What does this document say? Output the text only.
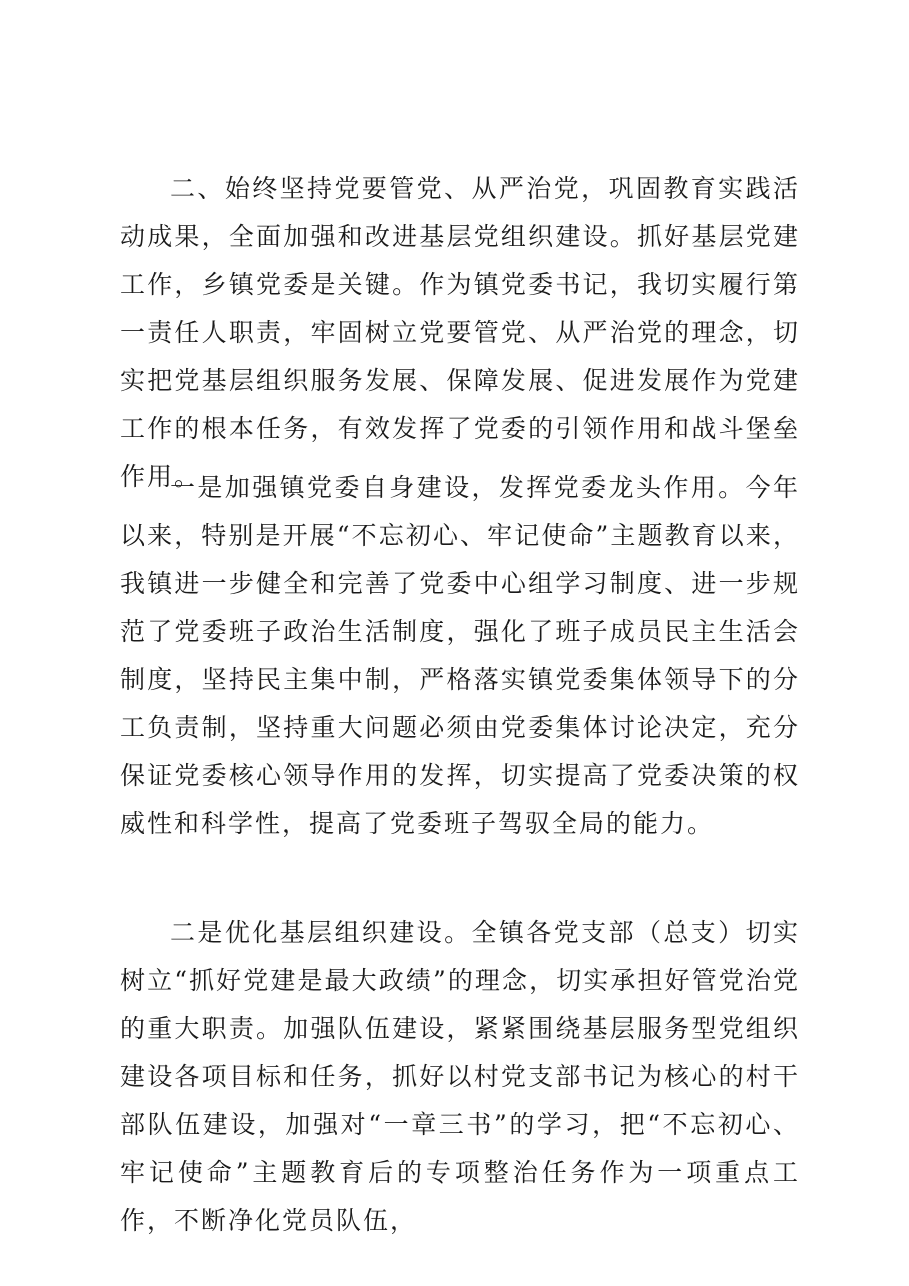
二、始终坚持党要管党、从严治党，巩固教育实践活动成果，全面加强和改进基层党组织建设。抓好基层党建工作，乡镇党委是关键。作为镇党委书记，我切实履行第一责任人职责，牢固树立党要管党、从严治党的理念，切实把党基层组织服务发展、保障发展、促进发展作为党建工作的根本任务，有效发挥了党委的引领作用和战斗堡垒作用。

一是加强镇党委自身建设，发挥党委龙头作用。今年以来，特别是开展“不忘初心、牢记使命”主题教育以来，我镇进一步健全和完善了党委中心组学习制度、进一步规范了党委班子政治生活制度，强化了班子成员民主生活会制度，坚持民主集中制，严格落实镇党委集体领导下的分工负责制，坚持重大问题必须由党委集体讨论决定，充分保证党委核心领导作用的发挥，切实提高了党委决策的权威性和科学性，提高了党委班子驾驭全局的能力。

二是优化基层组织建设。全镇各党支部（总支）切实树立“抓好党建是最大政绩”的理念，切实承担好管党治党的重大职责。加强队伍建设，紧紧围绕基层服务型党组织建设各项目标和任务，抓好以村党支部书记为核心的村干部队伍建设，加强对“一章三书”的学习，把“不忘初心、牢记使命”主题教育后的专项整治任务作为一项重点工作，不断净化党员队伍，
